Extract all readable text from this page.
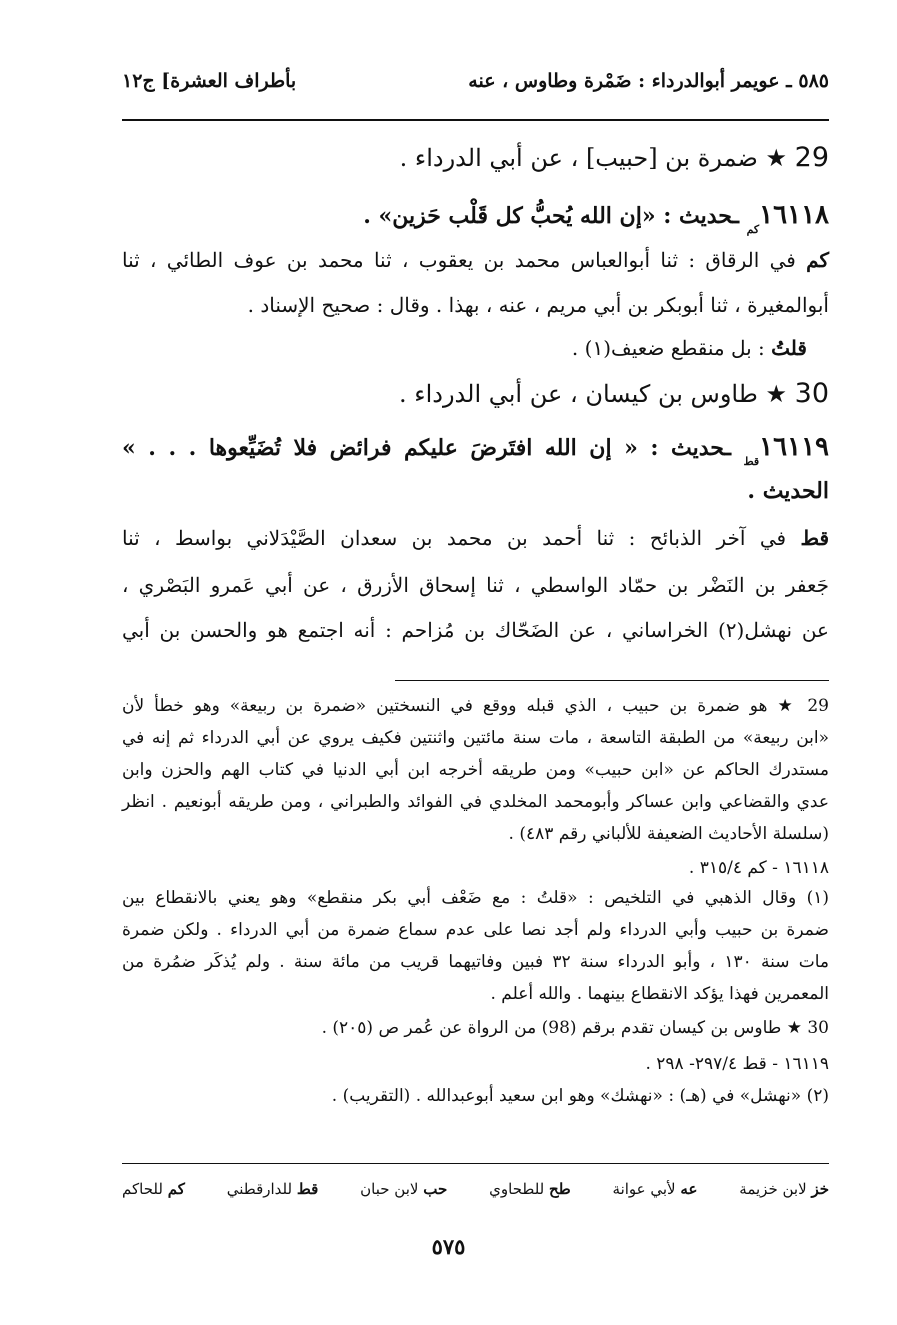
٥٨٥ ـ عويمر أبوالدرداء : ضَمْرة وطاوس ، عنه
بأطراف العشرة] ج١٢
29 ★ ضمرة بن [حبيب] ، عن أبي الدرداء .
$١٦١١٨_{كم}$ ـحديث : «إن الله يُحبُّ كل قَلْب حَزين» .
كم في الرقاق : ثنا أبوالعباس محمد بن يعقوب ، ثنا محمد بن عوف الطائي ، ثنا
أبوالمغيرة ، ثنا أبوبكر بن أبي مريم ، عنه ، بهذا . وقال : صحيح الإسناد .
قلتُ : بل منقطع ضعيف(١) .
30 ★ طاوس بن كيسان ، عن أبي الدرداء .
$١٦١١٩_{قط}$ ـحديث : « إن الله افتَرضَ عليكم فرائض فلا تُضَيِّعوها . . . »
الحديث .
قط في آخر الذبائح : ثنا أحمد بن محمد بن سعدان الصَّيْدَلاني بواسط ، ثنا
جَعفر بن النَضْر بن حمّاد الواسطي ، ثنا إسحاق الأزرق ، عن أبي عَمرو البَصْري ،
عن نهشل(٢) الخراساني ، عن الضَحّاك بن مُزاحم : أنه اجتمع هو والحسن بن أبي
29 ★ هو ضمرة بن حبيب ، الذي قبله ووقع في النسختين «ضمرة بن ربيعة» وهو خطأ لأن
«ابن ربيعة» من الطبقة التاسعة ، مات سنة مائتين واثنتين فكيف يروي عن أبي الدرداء ثم إنه في
مستدرك الحاكم عن «ابن حبيب» ومن طريقه أخرجه ابن أبي الدنيا في كتاب الهم والحزن وابن
عدي والقضاعي وابن عساكر وأبومحمد المخلدي في الفوائد والطبراني ، ومن طريقه أبونعيم . انظر
(سلسلة الأحاديث الضعيفة للألباني رقم ٤٨٣) .
١٦١١٨ - كم ٣١٥/٤ .
(١) وقال الذهبي في التلخيص : «قلتُ : مع ضَعْف أبي بكر منقطع» وهو يعني بالانقطاع بين
ضمرة بن حبيب وأبي الدرداء ولم أجد نصا على عدم سماع ضمرة من أبي الدرداء . ولكن ضمرة
مات سنة ١٣٠ ، وأبو الدرداء سنة ٣٢ فبين وفاتيهما قريب من مائة سنة . ولم يُذكَر ضمُرة من
المعمرين فهذا يؤكد الانقطاع بينهما . والله أعلم .
30 ★ طاوس بن كيسان تقدم برقم (98) من الرواة عن عُمر ص (٢٠٥) .
١٦١١٩ - قط ٢٩٧/٤- ٢٩٨ .
(٢) «نهشل» في (هـ) : «نهشك» وهو ابن سعيد أبوعبدالله . (التقريب) .
كم للحاكم	قط للدارقطني	حب لابن حبان	طح للطحاوي	عه لأبي عوانة	خز لابن خزيمة
٥٧٥
